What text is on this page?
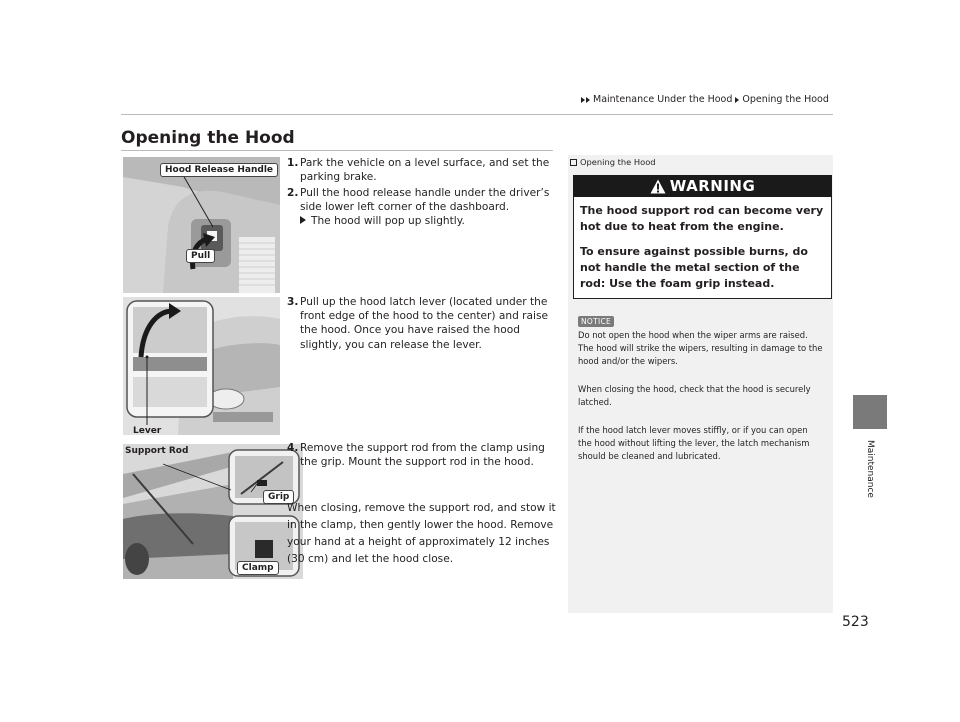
Maintenance Under the Hood Opening the Hood
Opening the Hood
Hood Release Handle
Pull
Lever
Support Rod
Grip
Clamp
1. Park the vehicle on a level surface, and set the parking brake.
2. Pull the hood release handle under the driver’s side lower left corner of the dashboard.
The hood will pop up slightly.
3. Pull up the hood latch lever (located under the front edge of the hood to the center) and raise the hood. Once you have raised the hood slightly, you can release the lever.
4. Remove the support rod from the clamp using the grip. Mount the support rod in the hood.
When closing, remove the support rod, and stow it in the clamp, then gently lower the hood. Remove your hand at a height of approximately 12 inches (30 cm) and let the hood close.
Opening the Hood
WARNING
The hood support rod can become very hot due to heat from the engine.
To ensure against possible burns, do not handle the metal section of the rod: Use the foam grip instead.
NOTICE
Do not open the hood when the wiper arms are raised. The hood will strike the wipers, resulting in damage to the hood and/or the wipers.
When closing the hood, check that the hood is securely latched.
If the hood latch lever moves stiffly, or if you can open the hood without lifting the lever, the latch mechanism should be cleaned and lubricated.	Maintenance
523
